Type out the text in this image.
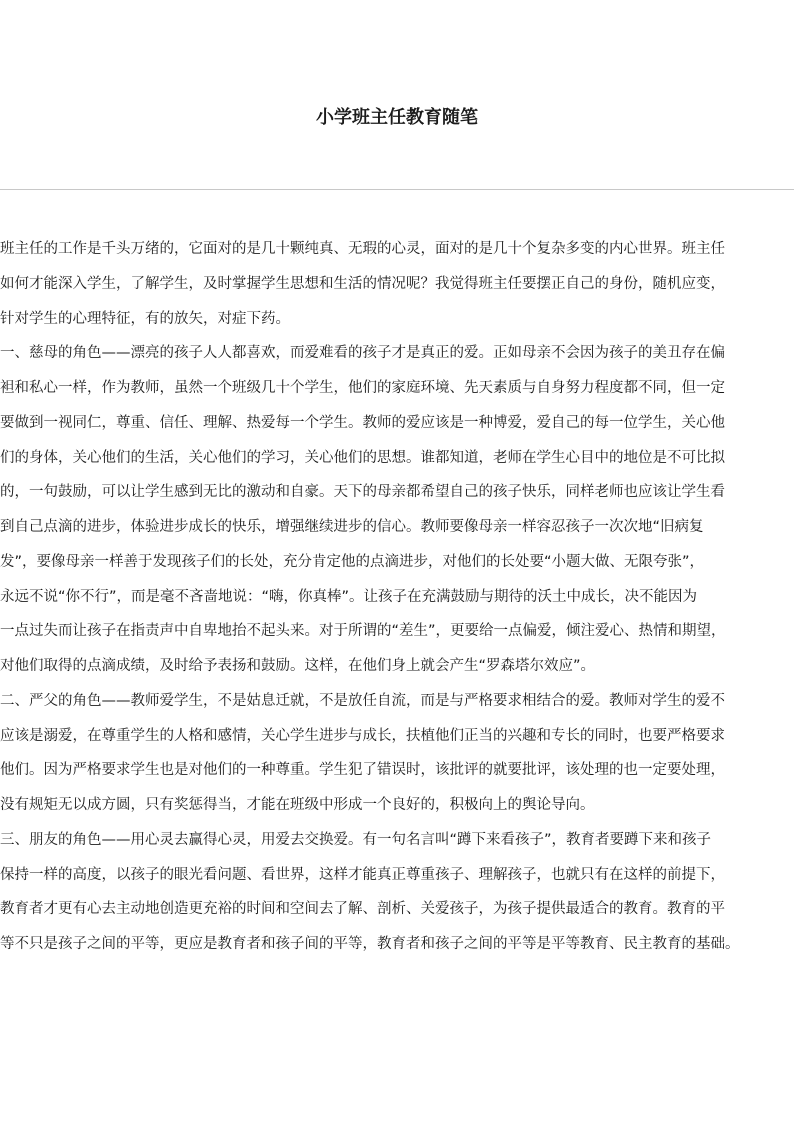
小学班主任教育随笔
班主任的工作是千头万绪的，它面对的是几十颗纯真、无瑕的心灵，面对的是几十个复杂多变的内心世界。班主任
如何才能深入学生，了解学生，及时掌握学生思想和生活的情况呢？我觉得班主任要摆正自己的身份，随机应变，
针对学生的心理特征，有的放矢，对症下药。
一、慈母的角色——漂亮的孩子人人都喜欢，而爱难看的孩子才是真正的爱。正如母亲不会因为孩子的美丑存在偏
袒和私心一样，作为教师，虽然一个班级几十个学生，他们的家庭环境、先天素质与自身努力程度都不同，但一定
要做到一视同仁，尊重、信任、理解、热爱每一个学生。教师的爱应该是一种博爱，爱自己的每一位学生，关心他
们的身体，关心他们的生活，关心他们的学习，关心他们的思想。谁都知道，老师在学生心目中的地位是不可比拟
的，一句鼓励，可以让学生感到无比的激动和自豪。天下的母亲都希望自己的孩子快乐，同样老师也应该让学生看
到自己点滴的进步，体验进步成长的快乐，增强继续进步的信心。教师要像母亲一样容忍孩子一次次地“旧病复
发”，要像母亲一样善于发现孩子们的长处，充分肯定他的点滴进步，对他们的长处要“小题大做、无限夸张”，
永远不说“你不行”，而是毫不吝啬地说：“嗨，你真棒”。让孩子在充满鼓励与期待的沃土中成长，决不能因为
一点过失而让孩子在指责声中自卑地抬不起头来。对于所谓的“差生”，更要给一点偏爱，倾注爱心、热情和期望，
对他们取得的点滴成绩，及时给予表扬和鼓励。这样，在他们身上就会产生“罗森塔尔效应”。
二、严父的角色——教师爱学生，不是姑息迁就，不是放任自流，而是与严格要求相结合的爱。教师对学生的爱不
应该是溺爱，在尊重学生的人格和感情，关心学生进步与成长，扶植他们正当的兴趣和专长的同时，也要严格要求
他们。因为严格要求学生也是对他们的一种尊重。学生犯了错误时，该批评的就要批评，该处理的也一定要处理，
没有规矩无以成方圆，只有奖惩得当，才能在班级中形成一个良好的，积极向上的舆论导向。
三、朋友的角色——用心灵去赢得心灵，用爱去交换爱。有一句名言叫“蹲下来看孩子”，教育者要蹲下来和孩子
保持一样的高度，以孩子的眼光看问题、看世界，这样才能真正尊重孩子、理解孩子，也就只有在这样的前提下，
教育者才更有心去主动地创造更充裕的时间和空间去了解、剖析、关爱孩子，为孩子提供最适合的教育。教育的平
等不只是孩子之间的平等，更应是教育者和孩子间的平等，教育者和孩子之间的平等是平等教育、民主教育的基础。
